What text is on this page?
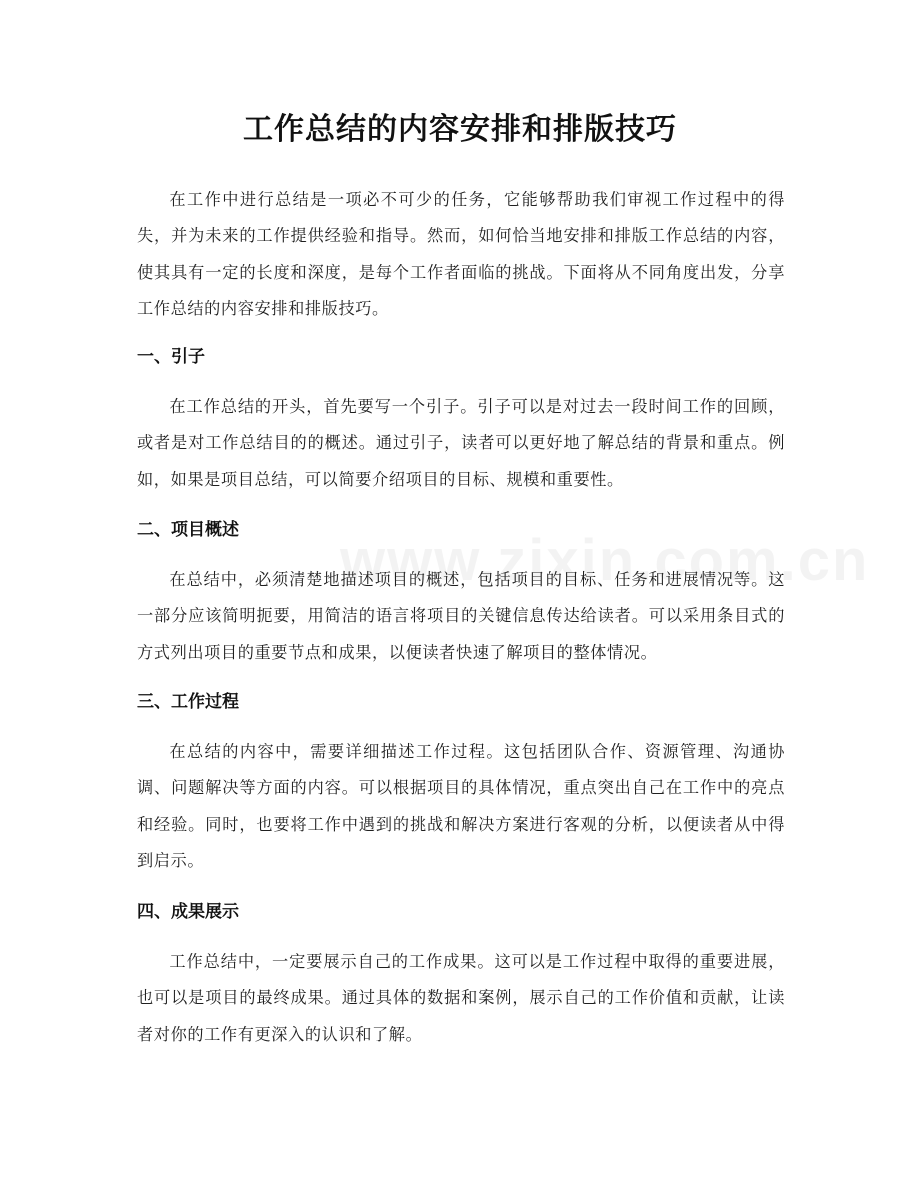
工作总结的内容安排和排版技巧

在工作中进行总结是一项必不可少的任务，它能够帮助我们审视工作过程中的得失，并为未来的工作提供经验和指导。然而，如何恰当地安排和排版工作总结的内容，使其具有一定的长度和深度，是每个工作者面临的挑战。下面将从不同角度出发，分享工作总结的内容安排和排版技巧。

一、引子

在工作总结的开头，首先要写一个引子。引子可以是对过去一段时间工作的回顾，或者是对工作总结目的的概述。通过引子，读者可以更好地了解总结的背景和重点。例如，如果是项目总结，可以简要介绍项目的目标、规模和重要性。

二、项目概述

在总结中，必须清楚地描述项目的概述，包括项目的目标、任务和进展情况等。这一部分应该简明扼要，用简洁的语言将项目的关键信息传达给读者。可以采用条目式的方式列出项目的重要节点和成果，以便读者快速了解项目的整体情况。

三、工作过程

在总结的内容中，需要详细描述工作过程。这包括团队合作、资源管理、沟通协调、问题解决等方面的内容。可以根据项目的具体情况，重点突出自己在工作中的亮点和经验。同时，也要将工作中遇到的挑战和解决方案进行客观的分析，以便读者从中得到启示。

四、成果展示

工作总结中，一定要展示自己的工作成果。这可以是工作过程中取得的重要进展，也可以是项目的最终成果。通过具体的数据和案例，展示自己的工作价值和贡献，让读者对你的工作有更深入的认识和了解。
